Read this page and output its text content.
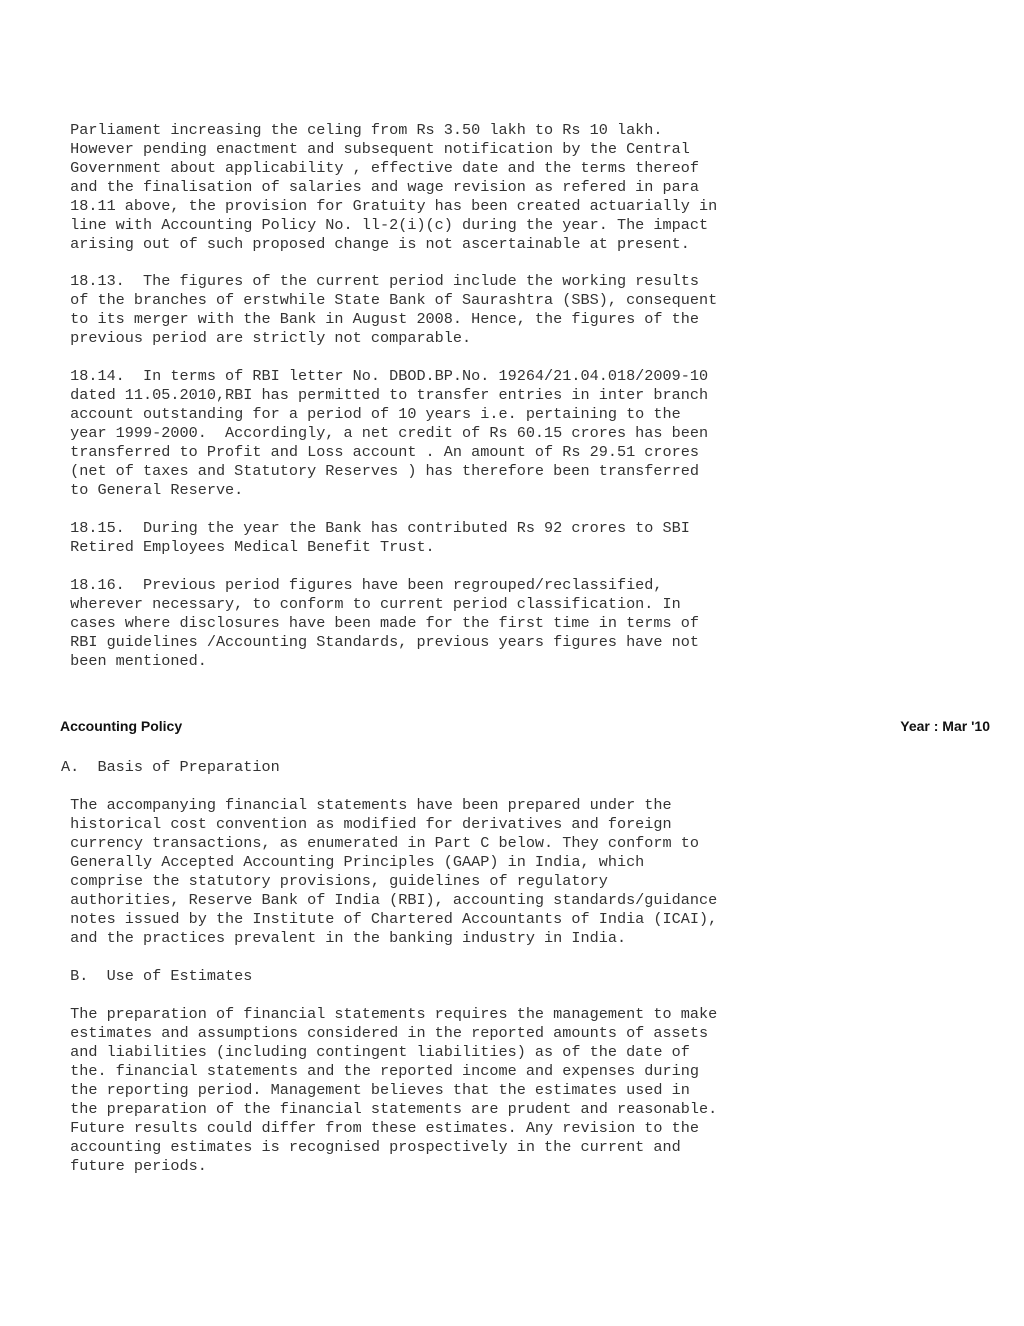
Parliament increasing the celing from Rs 3.50 lakh to Rs 10 lakh.
However pending enactment and subsequent notification by the Central
Government about applicability , effective date and the terms thereof
and the finalisation of salaries and wage revision as refered in para
18.11 above, the provision for Gratuity has been created actuarially in
line with Accounting Policy No. ll-2(i)(c) during the year. The impact
arising out of such proposed change is not ascertainable at present.
18.13.  The figures of the current period include the working results
of the branches of erstwhile State Bank of Saurashtra (SBS), consequent
to its merger with the Bank in August 2008. Hence, the figures of the
previous period are strictly not comparable.
18.14.  In terms of RBI letter No. DBOD.BP.No. 19264/21.04.018/2009-10
dated 11.05.2010,RBI has permitted to transfer entries in inter branch
account outstanding for a period of 10 years i.e. pertaining to the
year 1999-2000.  Accordingly, a net credit of Rs 60.15 crores has been
transferred to Profit and Loss account . An amount of Rs 29.51 crores
(net of taxes and Statutory Reserves ) has therefore been transferred
to General Reserve.
18.15.  During the year the Bank has contributed Rs 92 crores to SBI
Retired Employees Medical Benefit Trust.
18.16.  Previous period figures have been regrouped/reclassified,
wherever necessary, to conform to current period classification. In
cases where disclosures have been made for the first time in terms of
RBI guidelines /Accounting Standards, previous years figures have not
been mentioned.
Accounting Policy	Year : Mar '10
A.  Basis of Preparation
The accompanying financial statements have been prepared under the
historical cost convention as modified for derivatives and foreign
currency transactions, as enumerated in Part C below. They conform to
Generally Accepted Accounting Principles (GAAP) in India, which
comprise the statutory provisions, guidelines of regulatory
authorities, Reserve Bank of India (RBI), accounting standards/guidance
notes issued by the Institute of Chartered Accountants of India (ICAI),
and the practices prevalent in the banking industry in India.
B.  Use of Estimates
The preparation of financial statements requires the management to make
estimates and assumptions considered in the reported amounts of assets
and liabilities (including contingent liabilities) as of the date of
the. financial statements and the reported income and expenses during
the reporting period. Management believes that the estimates used in
the preparation of the financial statements are prudent and reasonable.
Future results could differ from these estimates. Any revision to the
accounting estimates is recognised prospectively in the current and
future periods.
